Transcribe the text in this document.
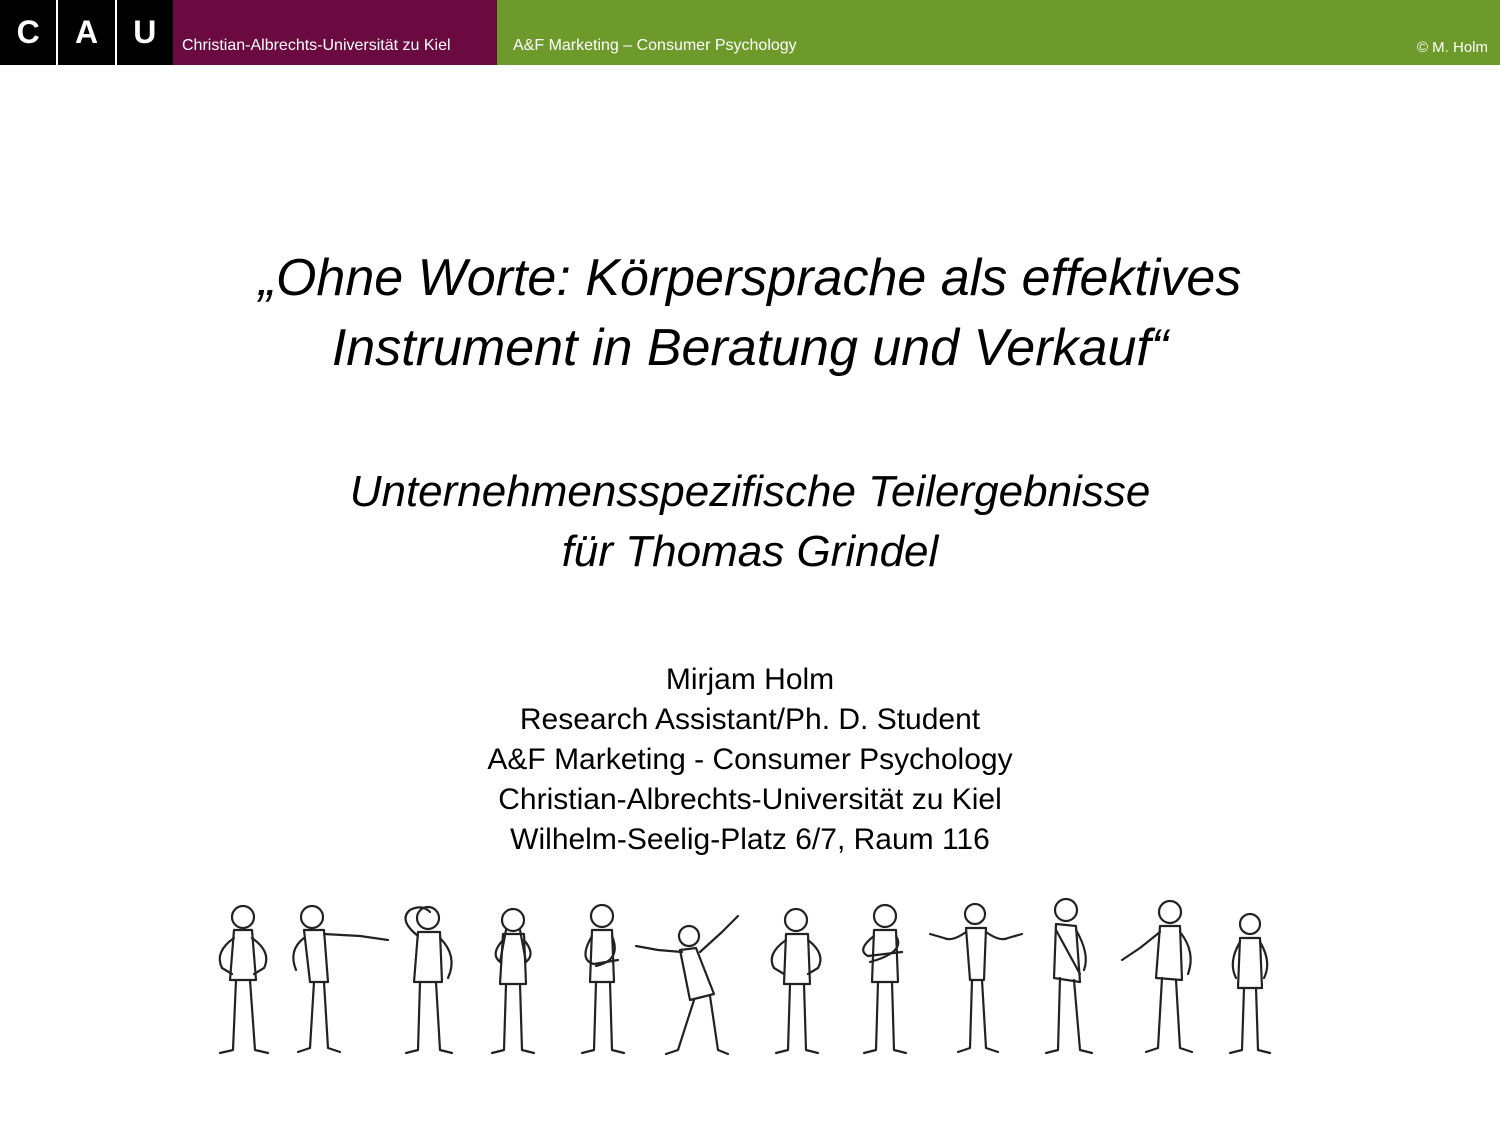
C	A	U	Christian-Albrechts-Universität zu Kiel	A&F Marketing – Consumer Psychology	© M. Holm
„Ohne Worte: Körpersprache als effektives
Instrument in Beratung und Verkauf“
Unternehmensspezifische Teilergebnisse
für Thomas Grindel
Mirjam Holm
Research Assistant/Ph. D. Student
A&F Marketing - Consumer Psychology
Christian-Albrechts-Universität zu Kiel
Wilhelm-Seelig-Platz 6/7, Raum 116
